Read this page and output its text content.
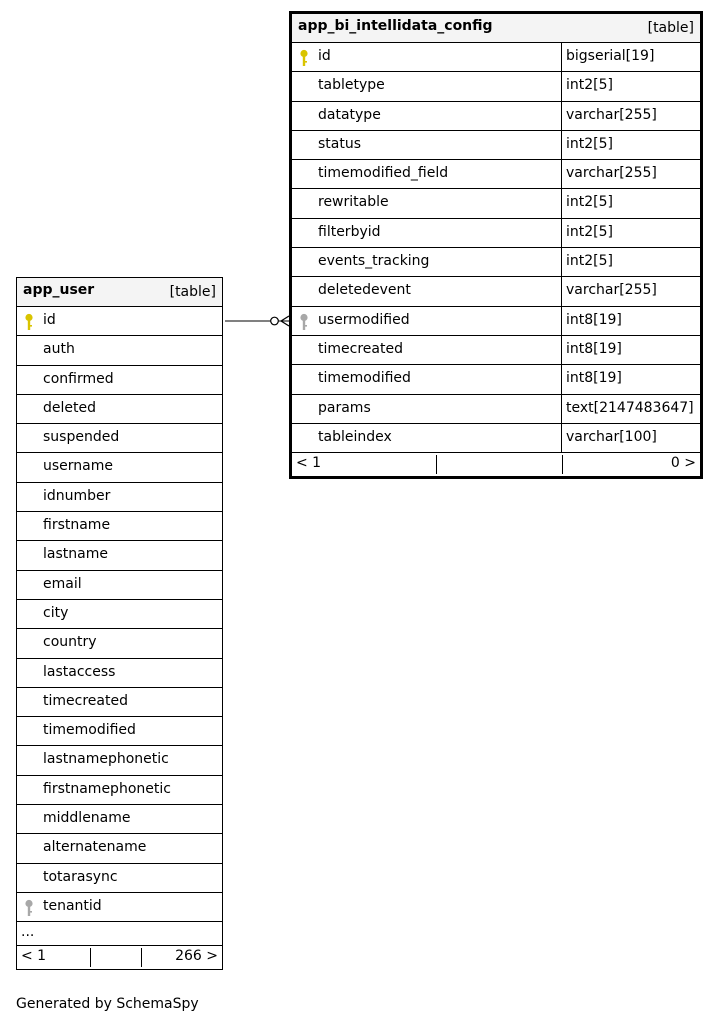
app_bi_intellidata_config	[table]
id	bigserial[19]
tabletype	int2[5]
datatype	varchar[255]
status	int2[5]
timemodified_field	varchar[255]
rewritable	int2[5]
filterbyid	int2[5]
events_tracking	int2[5]
deletedevent	varchar[255]
usermodified	int8[19]
timecreated	int8[19]
timemodified	int8[19]
params	text[2147483647]
tableindex	varchar[100]
< 1	0 >
app_user	[table]
id
auth
confirmed
deleted
suspended
username
idnumber
firstname
lastname
email
city
country
lastaccess
timecreated
timemodified
lastnamephonetic
firstnamephonetic
middlename
alternatename
totarasync
tenantid
...
< 1	266 >
Generated by SchemaSpy
